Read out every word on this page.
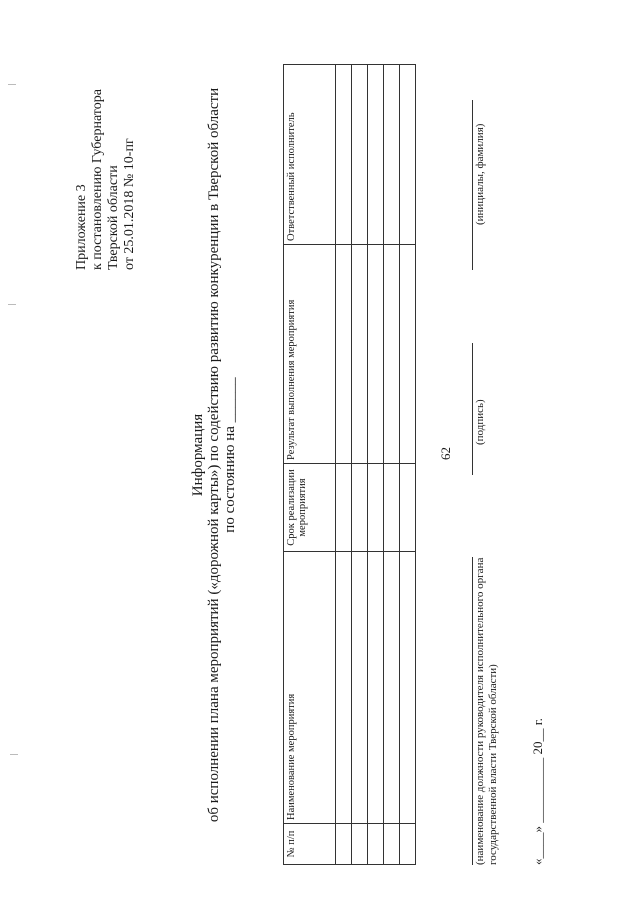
62
Приложение 3 к постановлению Губернатора Тверской области от 25.01.2018 № 10-пг
Информация об исполнении плана мероприятий («дорожной карты») по содействию развитию конкуренции в Тверской области по состоянию на ______
№ п/п	Наименование мероприятия	Срок реализации мероприятия	Результат выполнения мероприятия	Ответственный исполнитель

(наименование должности руководителя исполнительного органа государственной власти Тверской области)
(подпись)
(инициалы, фамилия)
«____» __________ 20__ г.
